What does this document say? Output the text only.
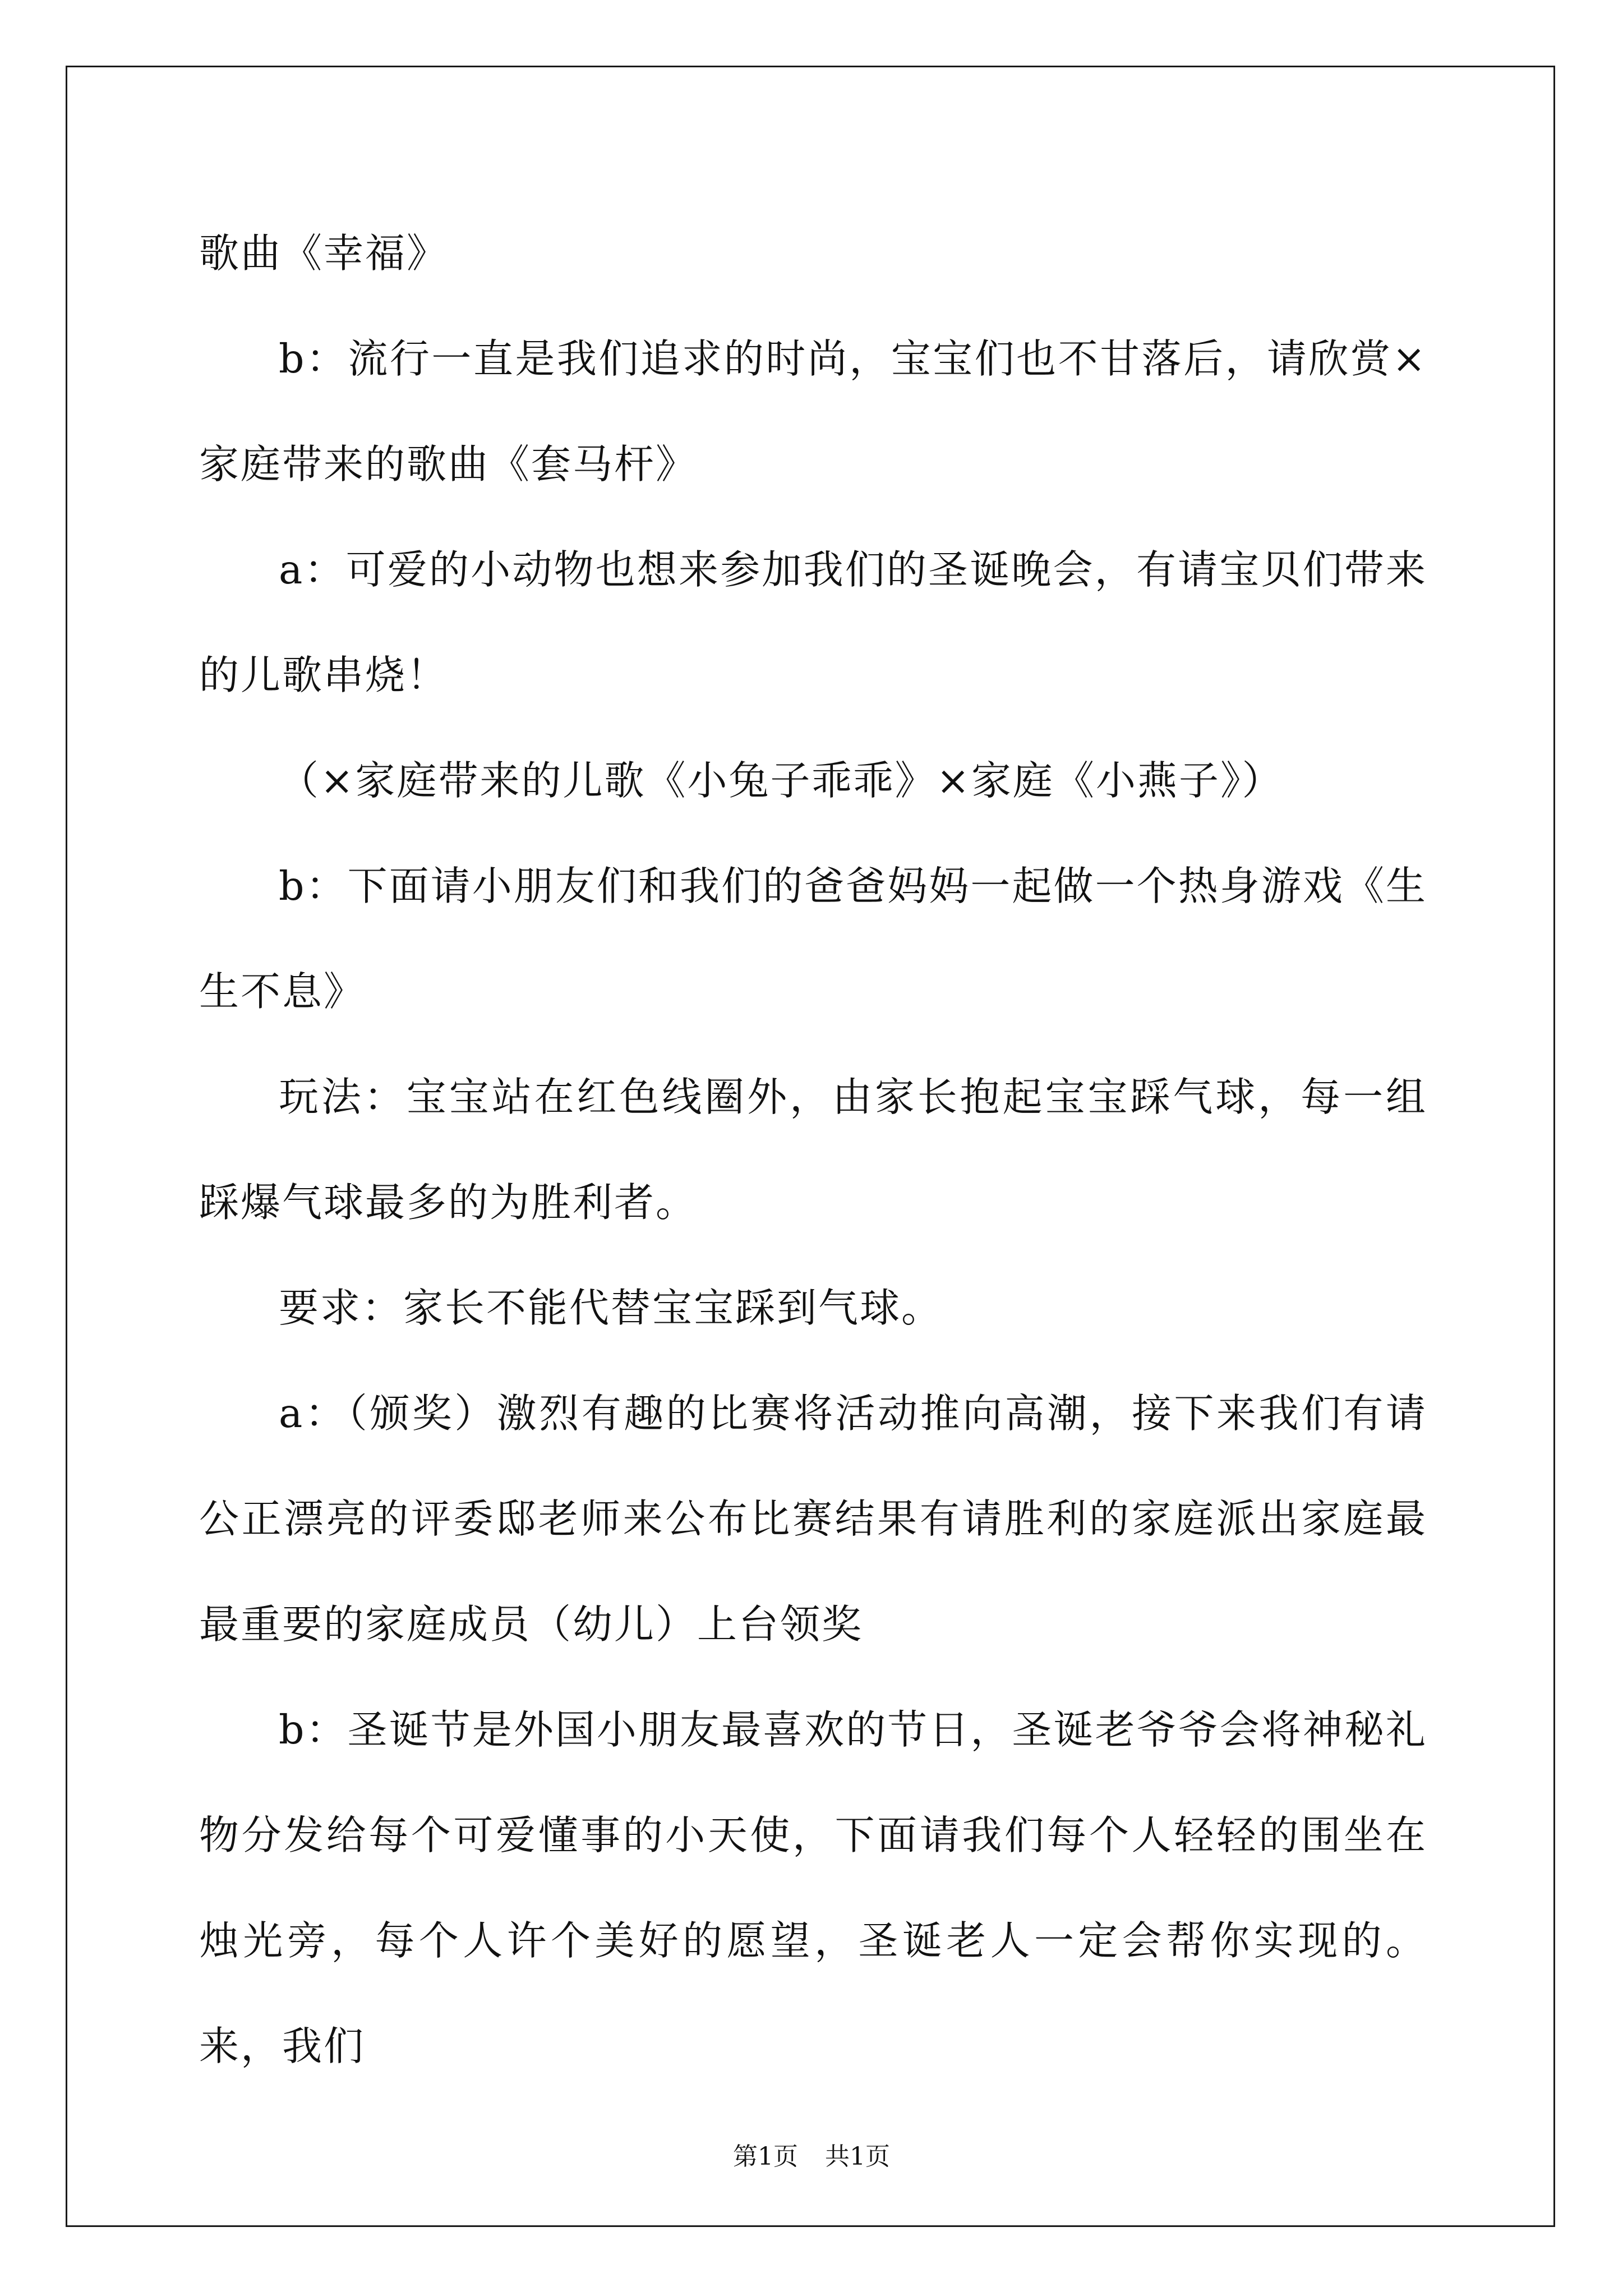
歌曲《幸福》

b：流行一直是我们追求的时尚，宝宝们也不甘落后，请欣赏×家庭带来的歌曲《套马杆》

a：可爱的小动物也想来参加我们的圣诞晚会，有请宝贝们带来的儿歌串烧！

（×家庭带来的儿歌《小兔子乖乖》×家庭《小燕子》）

b：下面请小朋友们和我们的爸爸妈妈一起做一个热身游戏《生生不息》

玩法：宝宝站在红色线圈外，由家长抱起宝宝踩气球，每一组踩爆气球最多的为胜利者。

要求：家长不能代替宝宝踩到气球。

a：（颁奖）激烈有趣的比赛将活动推向高潮，接下来我们有请公正漂亮的评委邸老师来公布比赛结果有请胜利的家庭派出家庭最最重要的家庭成员（幼儿）上台领奖

b：圣诞节是外国小朋友最喜欢的节日，圣诞老爷爷会将神秘礼物分发给每个可爱懂事的小天使，下面请我们每个人轻轻的围坐在烛光旁，每个人许个美好的愿望，圣诞老人一定会帮你实现的。来，我们

第1页 共1页
